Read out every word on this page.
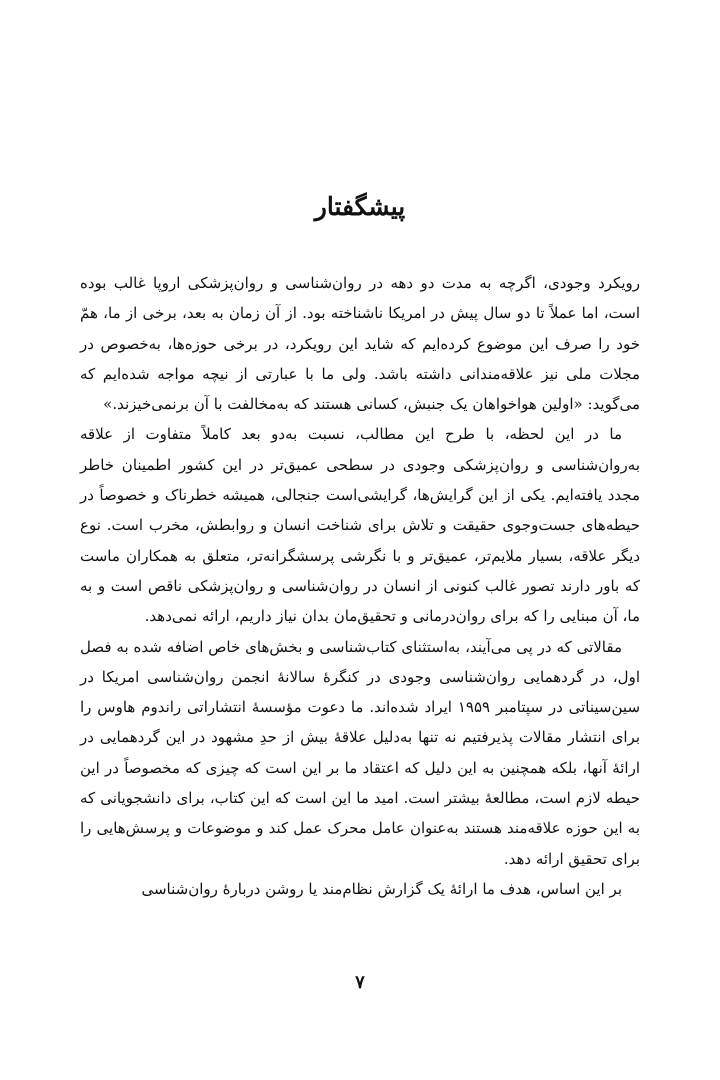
پیشگفتار

رویکرد وجودی، اگرچه به مدت دو دهه در روان‌شناسی و روان‌پزشکی اروپا غالب بوده است، اما عملاً تا دو سال پیش در امریکا ناشناخته بود. از آن زمان به بعد، برخی از ما، همّ خود را صرف این موضوع کرده‌ایم که شاید این رویکرد، در برخی حوزه‌ها، به‌خصوص در مجلات ملی نیز علاقه‌مندانی داشته باشد. ولی ما با عبارتی از نیچه مواجه شده‌ایم که می‌گوید: «اولین هواخواهان یک جنبش، کسانی هستند که به‌مخالفت با آن برنمی‌خیزند.»

ما در این لحظه، با طرح این مطالب، نسبت به‌دو بعد کاملاً متفاوت از علاقه به‌روان‌شناسی و روان‌پزشکی وجودی در سطحی عمیق‌تر در این کشور اطمینان خاطر مجدد یافته‌ایم. یکی از این گرایش‌ها، گرایشی‌است جنجالی، همیشه خطرناک و خصوصاً در حیطه‌های جست‌وجوی حقیقت و تلاش برای شناخت انسان و روابطش، مخرب است. نوع دیگر علاقه، بسیار ملایم‌تر، عمیق‌تر و با نگرشی پرسشگرانه‌تر، متعلق به همکاران ماست که باور دارند تصور غالب کنونی از انسان در روان‌شناسی و روان‌پزشکی ناقص است و به ما، آن مبنایی را که برای روان‌درمانی و تحقیق‌مان بدان نیاز داریم، ارائه نمی‌دهد.

مقالاتی که در پی می‌آیند، به‌استثنای کتاب‌شناسی و بخش‌های خاص اضافه شده به فصل اول، در گردهمایی روان‌شناسی وجودی در کنگرهٔ سالانهٔ انجمن روان‌شناسی امریکا در سین‌سیناتی در سپتامبر ۱۹۵۹ ایراد شده‌اند. ما دعوت مؤسسهٔ انتشاراتی راندوم هاوس را برای انتشار مقالات پذیرفتیم نه تنها به‌دلیل علاقهٔ بیش از حدِ مشهود در این گردهمایی در ارائهٔ آنها، بلکه همچنین به این دلیل که اعتقاد ما بر این است که چیزی که مخصوصاً در این حیطه لازم است، مطالعهٔ بیشتر است. امید ما این است که این کتاب، برای دانشجویانی که به این حوزه علاقه‌مند هستند به‌عنوان عامل محرک عمل کند و موضوعات و پرسش‌هایی را برای تحقیق ارائه دهد.

بر این اساس، هدف ما ارائهٔ یک گزارش نظام‌مند یا روشن دربارهٔ روان‌شناسی

۷
